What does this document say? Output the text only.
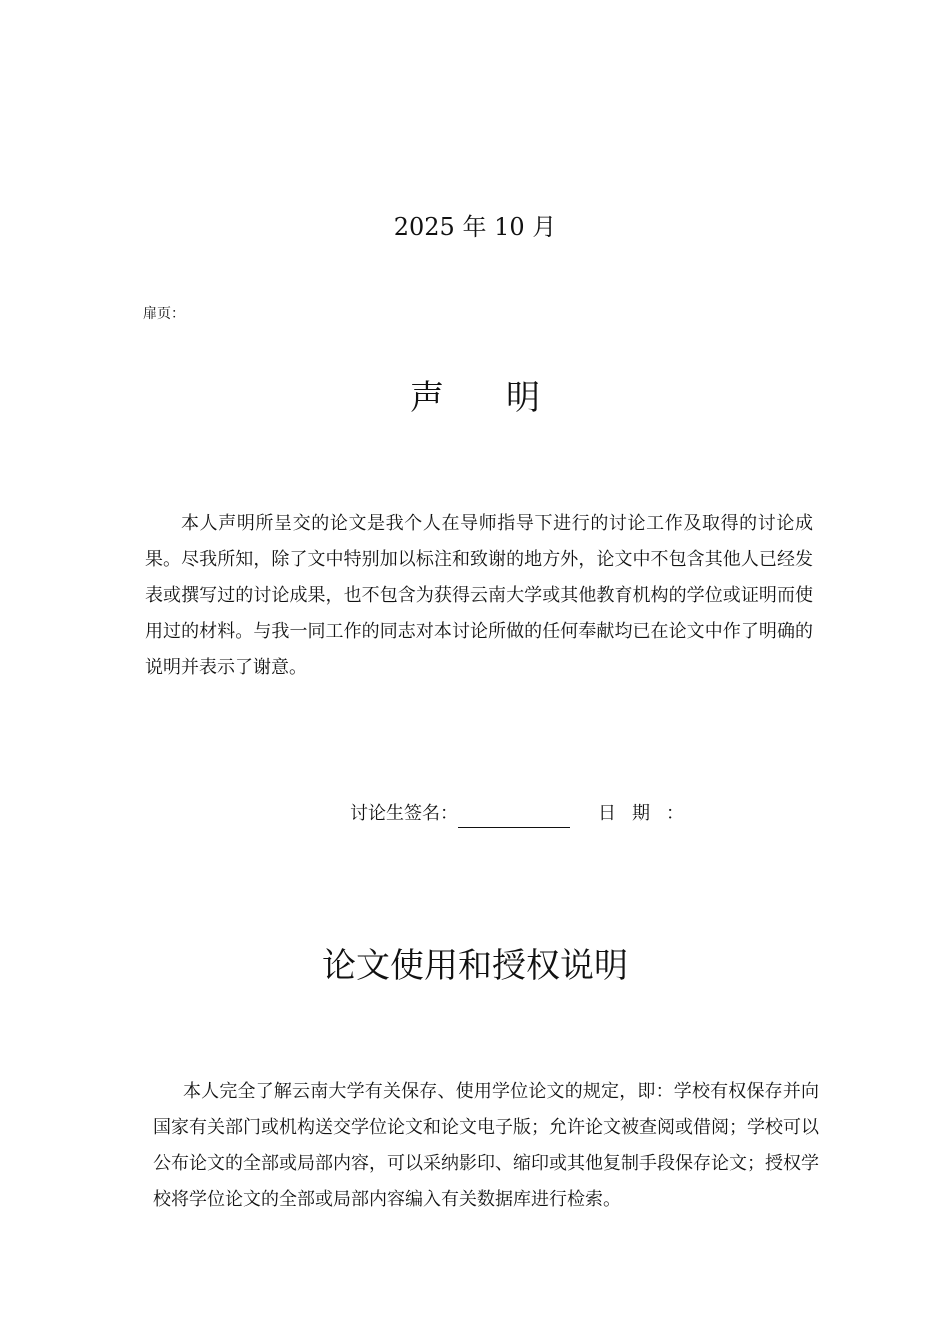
2025 年 10 月
扉页：
声明

本人声明所呈交的论文是我个人在导师指导下进行的讨论工作及取得的讨论成果。尽我所知，除了文中特别加以标注和致谢的地方外，论文中不包含其他人已经发表或撰写过的讨论成果，也不包含为获得云南大学或其他教育机构的学位或证明而使用过的材料。与我一同工作的同志对本讨论所做的任何奉献均已在论文中作了明确的说明并表示了谢意。

讨论生签名：	日期：
论文使用和授权说明

本人完全了解云南大学有关保存、使用学位论文的规定，即：学校有权保存并向国家有关部门或机构送交学位论文和论文电子版；允许论文被查阅或借阅；学校可以公布论文的全部或局部内容，可以采纳影印、缩印或其他复制手段保存论文；授权学校将学位论文的全部或局部内容编入有关数据库进行检索。
